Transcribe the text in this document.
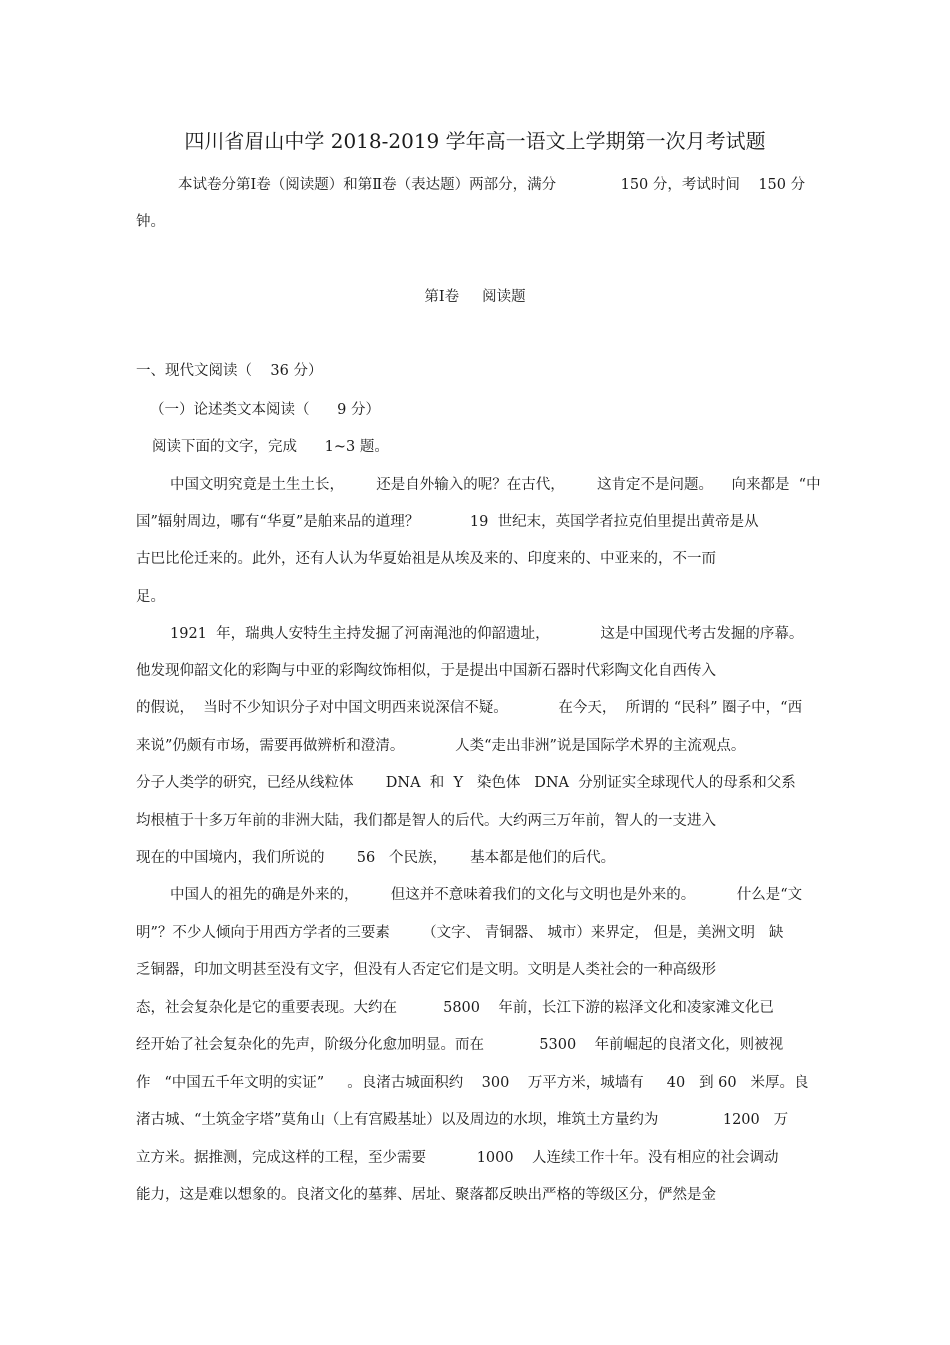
四川省眉山中学 2018-2019 学年高一语文上学期第一次月考试题
本试卷分第Ⅰ卷（阅读题）和第Ⅱ卷（表达题）两部分，满分              150 分，考试时间    150 分
钟。
第Ⅰ卷     阅读题
一、现代文阅读（    36 分）
（一）论述类文本阅读（      9 分）
阅读下面的文字，完成      1~3 题。
中国文明究竟是土生土长，       还是自外输入的呢？在古代，       这肯定不是问题。    向来都是  “中
国”辐射周边，哪有“华夏”是舶来品的道理？           19  世纪末，英国学者拉克伯里提出黄帝是从
古巴比伦迁来的。此外，还有人认为华夏始祖是从埃及来的、印度来的、中亚来的，不一而
足。
1921  年，瑞典人安特生主持发掘了河南渑池的仰韶遗址，           这是中国现代考古发掘的序幕。
他发现仰韶文化的彩陶与中亚的彩陶纹饰相似，于是提出中国新石器时代彩陶文化自西传入
的假说，  当时不少知识分子对中国文明西来说深信不疑。           在今天，  所谓的 “民科” 圈子中，“西
来说”仍颇有市场，需要再做辨析和澄清。           人类“走出非洲”说是国际学术界的主流观点。
分子人类学的研究，已经从线粒体       DNA  和  Y   染色体   DNA  分别证实全球现代人的母系和父系
均根植于十多万年前的非洲大陆，我们都是智人的后代。大约两三万年前，智人的一支进入
现在的中国境内，我们所说的       56   个民族，     基本都是他们的后代。
中国人的祖先的确是外来的，       但这并不意味着我们的文化与文明也是外来的。         什么是“文
明”？不少人倾向于用西方学者的三要素       （文字、 青铜器、 城市）来界定， 但是，美洲文明   缺
乏铜器，印加文明甚至没有文字，但没有人否定它们是文明。文明是人类社会的一种高级形
态，社会复杂化是它的重要表现。大约在          5800    年前，长江下游的崧泽文化和凌家滩文化已
经开始了社会复杂化的先声，阶级分化愈加明显。而在            5300    年前崛起的良渚文化，则被视
作   “中国五千年文明的实证”     。良渚古城面积约    300    万平方米，城墙有     40   到 60   米厚。良
渚古城、“土筑金字塔”莫角山（上有宫殿基址）以及周边的水坝，堆筑土方量约为              1200   万
立方米。据推测，完成这样的工程，至少需要           1000    人连续工作十年。没有相应的社会调动
能力，这是难以想象的。良渚文化的墓葬、居址、聚落都反映出严格的等级区分，俨然是金
